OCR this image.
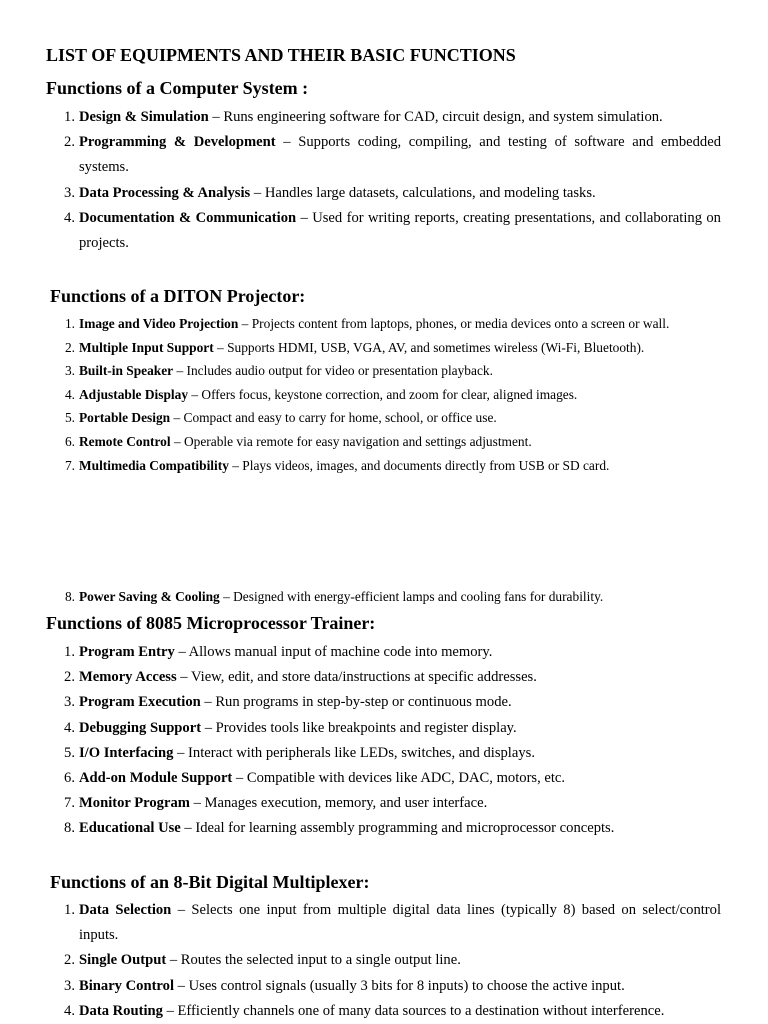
LIST OF EQUIPMENTS AND THEIR BASIC FUNCTIONS
Functions of a Computer System :
1. Design & Simulation – Runs engineering software for CAD, circuit design, and system simulation.
2. Programming & Development – Supports coding, compiling, and testing of software and embedded systems.
3. Data Processing & Analysis – Handles large datasets, calculations, and modeling tasks.
4. Documentation & Communication – Used for writing reports, creating presentations, and collaborating on projects.
Functions of a DITON Projector:
1. Image and Video Projection – Projects content from laptops, phones, or media devices onto a screen or wall.
2. Multiple Input Support – Supports HDMI, USB, VGA, AV, and sometimes wireless (Wi-Fi, Bluetooth).
3. Built-in Speaker – Includes audio output for video or presentation playback.
4. Adjustable Display – Offers focus, keystone correction, and zoom for clear, aligned images.
5. Portable Design – Compact and easy to carry for home, school, or office use.
6. Remote Control – Operable via remote for easy navigation and settings adjustment.
7. Multimedia Compatibility – Plays videos, images, and documents directly from USB or SD card.
8. Power Saving & Cooling – Designed with energy-efficient lamps and cooling fans for durability.
Functions of 8085 Microprocessor Trainer:
1. Program Entry – Allows manual input of machine code into memory.
2. Memory Access – View, edit, and store data/instructions at specific addresses.
3. Program Execution – Run programs in step-by-step or continuous mode.
4. Debugging Support – Provides tools like breakpoints and register display.
5. I/O Interfacing – Interact with peripherals like LEDs, switches, and displays.
6. Add-on Module Support – Compatible with devices like ADC, DAC, motors, etc.
7. Monitor Program – Manages execution, memory, and user interface.
8. Educational Use – Ideal for learning assembly programming and microprocessor concepts.
Functions of an 8-Bit Digital Multiplexer:
1. Data Selection – Selects one input from multiple digital data lines (typically 8) based on select/control inputs.
2. Single Output – Routes the selected input to a single output line.
3. Binary Control – Uses control signals (usually 3 bits for 8 inputs) to choose the active input.
4. Data Routing – Efficiently channels one of many data sources to a destination without interference.
